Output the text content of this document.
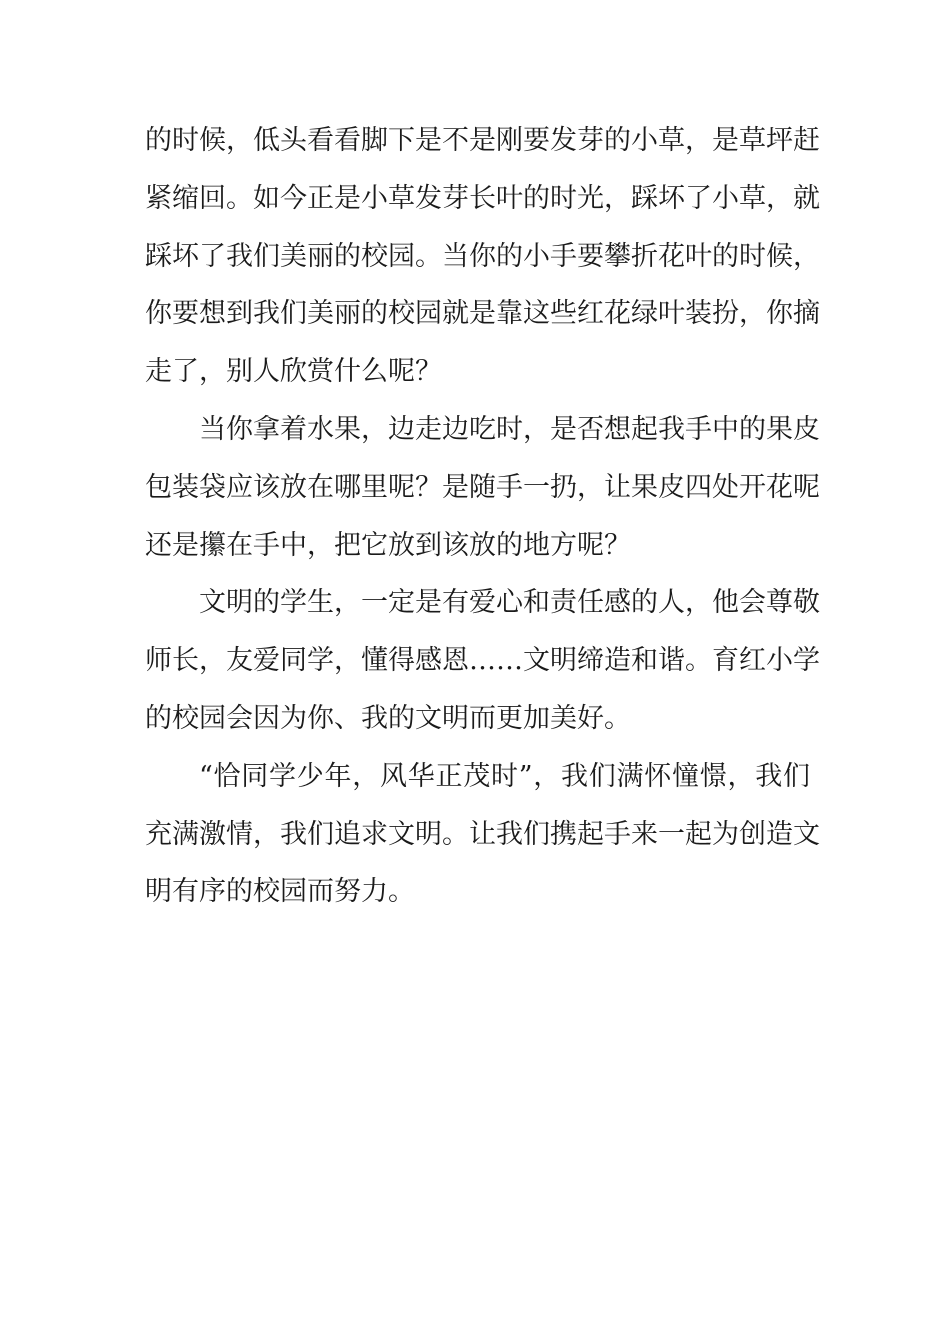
的时候，低头看看脚下是不是刚要发芽的小草，是草坪赶
紧缩回。如今正是小草发芽长叶的时光，踩坏了小草，就
踩坏了我们美丽的校园。当你的小手要攀折花叶的时候，
你要想到我们美丽的校园就是靠这些红花绿叶装扮，你摘
走了，别人欣赏什么呢？
当你拿着水果，边走边吃时，是否想起我手中的果皮
包装袋应该放在哪里呢？是随手一扔，让果皮四处开花呢
还是攥在手中，把它放到该放的地方呢？
文明的学生，一定是有爱心和责任感的人，他会尊敬
师长，友爱同学，懂得感恩……文明缔造和谐。育红小学
的校园会因为你、我的文明而更加美好。
“恰同学少年，风华正茂时”，我们满怀憧憬，我们
充满激情，我们追求文明。让我们携起手来一起为创造文
明有序的校园而努力。
